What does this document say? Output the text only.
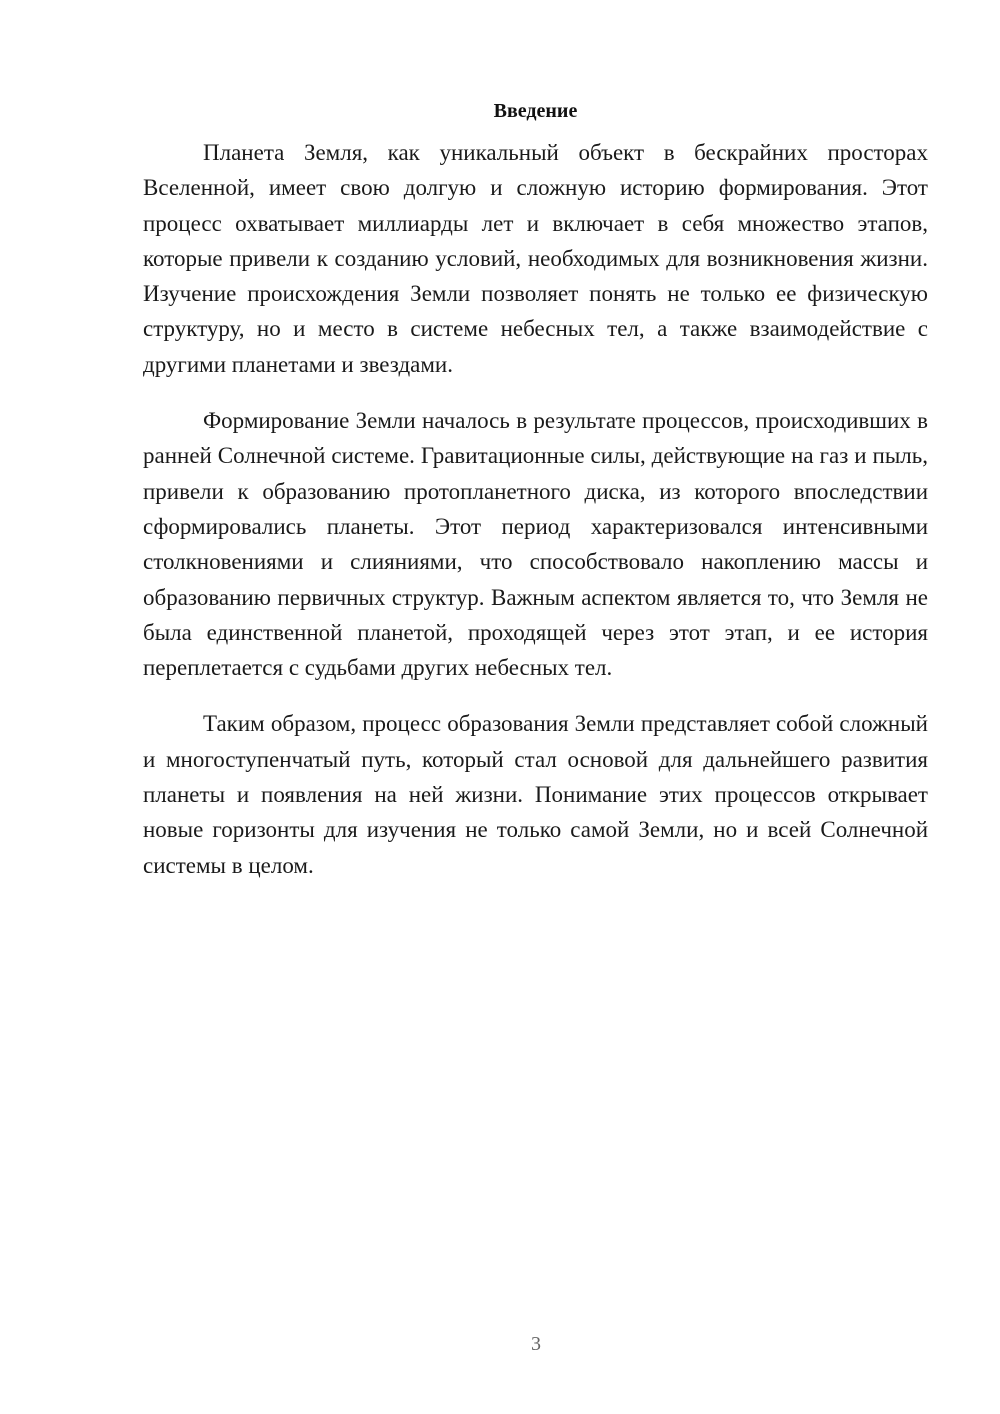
Введение

Планета Земля, как уникальный объект в бескрайних просторах Вселенной, имеет свою долгую и сложную историю формирования. Этот процесс охватывает миллиарды лет и включает в себя множество этапов, которые привели к созданию условий, необходимых для возникновения жизни. Изучение происхождения Земли позволяет понять не только ее физическую структуру, но и место в системе небесных тел, а также взаимодействие с другими планетами и звездами.

Формирование Земли началось в результате процессов, происходивших в ранней Солнечной системе. Гравитационные силы, действующие на газ и пыль, привели к образованию протопланетного диска, из которого впоследствии сформировались планеты. Этот период характеризовался интенсивными столкновениями и слияниями, что способствовало накоплению массы и образованию первичных структур. Важным аспектом является то, что Земля не была единственной планетой, проходящей через этот этап, и ее история переплетается с судьбами других небесных тел.

Таким образом, процесс образования Земли представляет собой сложный и многоступенчатый путь, который стал основой для дальнейшего развития планеты и появления на ней жизни. Понимание этих процессов открывает новые горизонты для изучения не только самой Земли, но и всей Солнечной системы в целом.

3
